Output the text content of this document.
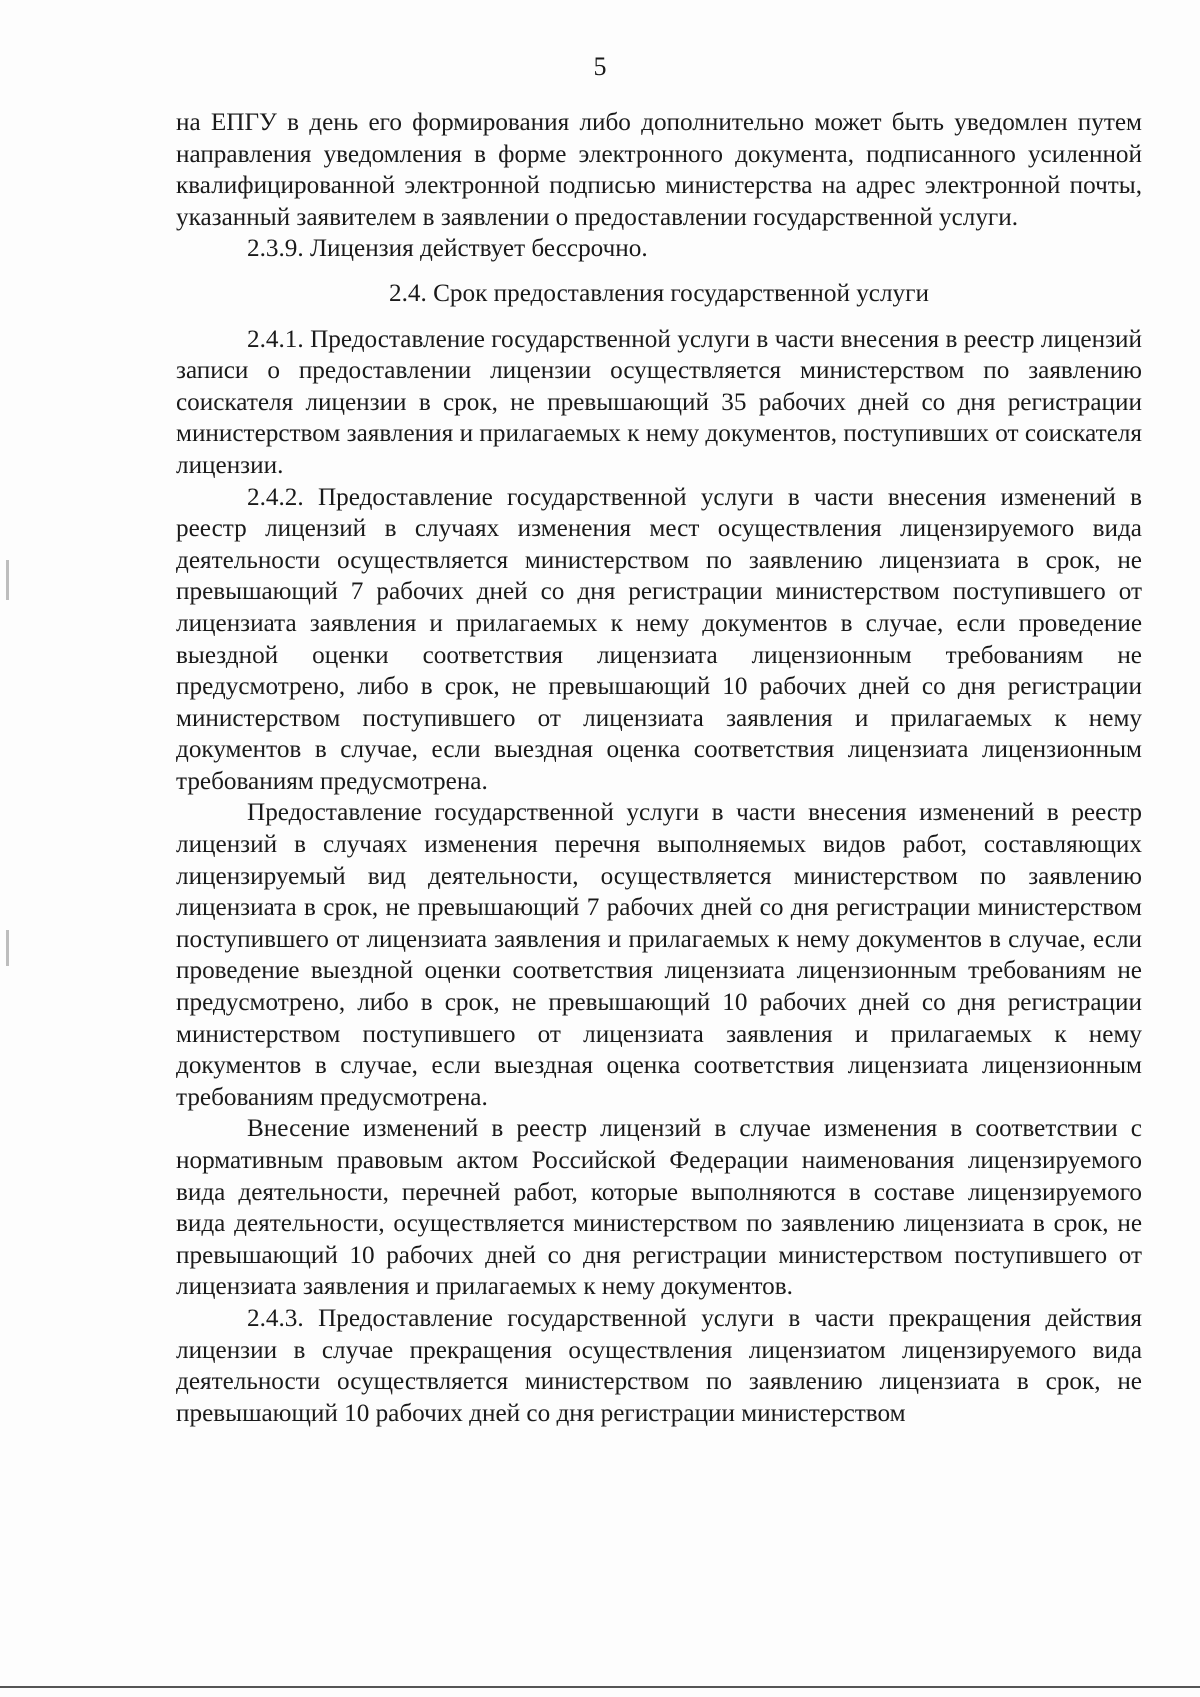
5

на ЕПГУ в день его формирования либо дополнительно может быть уведомлен путем направления уведомления в форме электронного документа, подписанного усиленной квалифицированной электронной подписью министерства на адрес электронной почты, указанный заявителем в заявлении о предоставлении государственной услуги.

2.3.9. Лицензия действует бессрочно.

2.4. Срок предоставления государственной услуги

2.4.1. Предоставление государственной услуги в части внесения в реестр лицензий записи о предоставлении лицензии осуществляется министерством по заявлению соискателя лицензии в срок, не превышающий 35 рабочих дней со дня регистрации министерством заявления и прилагаемых к нему документов, поступивших от соискателя лицензии.

2.4.2. Предоставление государственной услуги в части внесения изменений в реестр лицензий в случаях изменения мест осуществления лицензируемого вида деятельности осуществляется министерством по заявлению лицензиата в срок, не превышающий 7 рабочих дней со дня регистрации министерством поступившего от лицензиата заявления и прилагаемых к нему документов в случае, если проведение выездной оценки соответствия лицензиата лицензионным требованиям не предусмотрено, либо в срок, не превышающий 10 рабочих дней со дня регистрации министерством поступившего от лицензиата заявления и прилагаемых к нему документов в случае, если выездная оценка соответствия лицензиата лицензионным требованиям предусмотрена.

Предоставление государственной услуги в части внесения изменений в реестр лицензий в случаях изменения перечня выполняемых видов работ, составляющих лицензируемый вид деятельности, осуществляется министерством по заявлению лицензиата в срок, не превышающий 7 рабочих дней со дня регистрации министерством поступившего от лицензиата заявления и прилагаемых к нему документов в случае, если проведение выездной оценки соответствия лицензиата лицензионным требованиям не предусмотрено, либо в срок, не превышающий 10 рабочих дней со дня регистрации министерством поступившего от лицензиата заявления и прилагаемых к нему документов в случае, если выездная оценка соответствия лицензиата лицензионным требованиям предусмотрена.

Внесение изменений в реестр лицензий в случае изменения в соответствии с нормативным правовым актом Российской Федерации наименования лицензируемого вида деятельности, перечней работ, которые выполняются в составе лицензируемого вида деятельности, осуществляется министерством по заявлению лицензиата в срок, не превышающий 10 рабочих дней со дня регистрации министерством поступившего от лицензиата заявления и прилагаемых к нему документов.

2.4.3. Предоставление государственной услуги в части прекращения действия лицензии в случае прекращения осуществления лицензиатом лицензируемого вида деятельности осуществляется министерством по заявлению лицензиата в срок, не превышающий 10 рабочих дней со дня регистрации министерством
